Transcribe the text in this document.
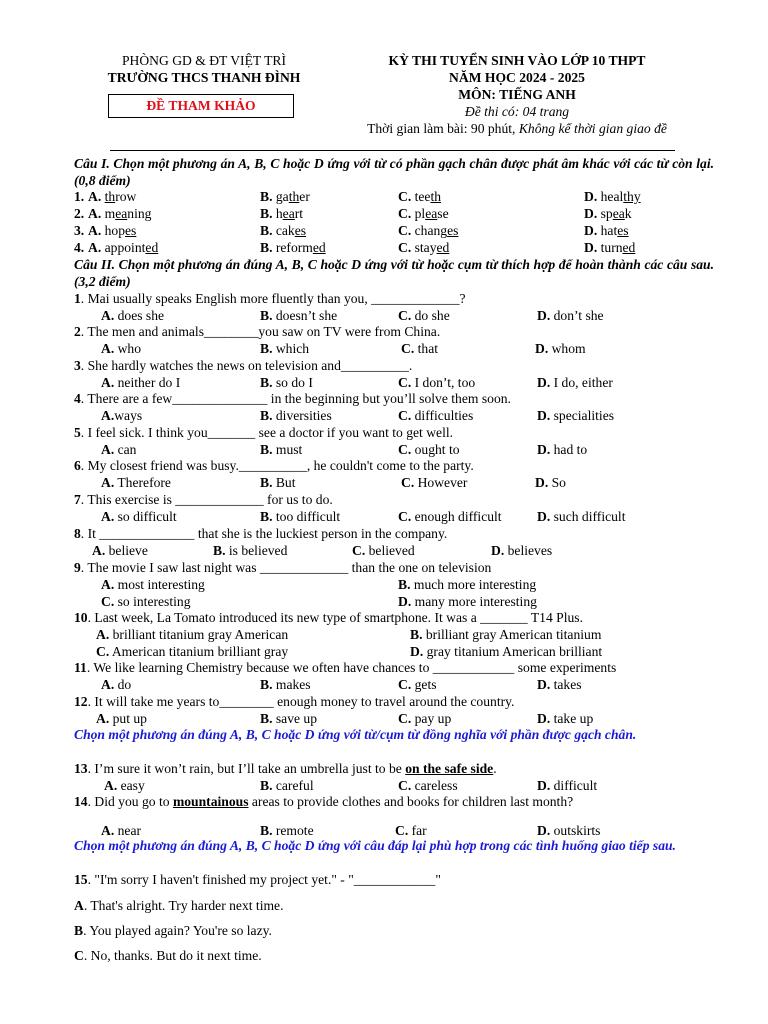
PHÒNG GD & ĐT VIỆT TRÌ
TRƯỜNG THCS THANH ĐÌNH
ĐỀ THAM KHẢO
KỲ THI TUYỂN SINH VÀO LỚP 10 THPT
NĂM HỌC 2024 - 2025
MÔN: TIẾNG ANH
Đề thi có: 04 trang
Thời gian làm bài: 90 phút, Không kể thời gian giao đề
Câu I. Chọn một phương án A, B, C hoặc D ứng với từ có phần gạch chân được phát âm khác với các từ còn lại. (0,8 điểm)
1. A. throw	B. gather	C. teeth	D. healthy
2. A. meaning	B. heart	C. please	D. speak
3. A. hopes	B. cakes	C. changes	D. hates
4. A. appointed	B. reformed	C. stayed	D. turned
Câu II. Chọn một phương án đúng A, B, C hoặc D ứng với từ hoặc cụm từ thích hợp để hoàn thành các câu sau. (3,2 điểm)
1. Mai usually speaks English more fluently than you, _____________?
A. does she	B. doesn’t she	C. do she	D. don’t she
2. The men and animals________you saw on TV were from China.
A. who	B. which	C. that	D. whom
3. She hardly watches the news on television and__________.
A. neither do I	B. so do I	C. I don’t, too	D. I do, either
4. There are a few______________ in the beginning but you’ll solve them soon.
A.ways	B. diversities	C. difficulties	D. specialities
5. I feel sick. I think you_______ see a doctor if you want to get well.
A. can	B. must	C. ought to	D. had to
6. My closest friend was busy.__________, he couldn't come to the party.
A. Therefore	B. But	C. However	D. So
7. This exercise is _____________ for us to do.
A. so difficult	B. too difficult	C. enough difficult	D. such difficult
8. It ______________ that she is the luckiest person in the company.
A. believe	B. is believed	C. believed	D. believes
9. The movie I saw last night was _____________ than the one on television
A. most interesting	B. much more interesting
C. so interesting	D. many more interesting
10. Last week, La Tomato introduced its new type of smartphone. It was a _______ T14 Plus.
A. brilliant titanium gray American	B. brilliant gray American titanium
C. American titanium brilliant gray	D. gray titanium American brilliant
11. We like learning Chemistry because we often have chances to ____________ some experiments
A. do	B. makes	C. gets	D. takes
12. It will take me years to________ enough money to travel around the country.
A. put up	B. save up	C. pay up	D. take up
Chọn một phương án đúng A, B, C hoặc D ứng với từ/cụm từ đồng nghĩa với phần được gạch chân.
13. I’m sure it won’t rain, but I’ll take an umbrella just to be on the safe side.
A. easy	B. careful	C. careless	D. difficult
14. Did you go to mountainous areas to provide clothes and books for children last month?
A. near	B. remote	C. far	D. outskirts
Chọn một phương án đúng A, B, C hoặc D ứng với câu đáp lại phù hợp trong các tình huống giao tiếp sau.
15. "I'm sorry I haven't finished my project yet." - "____________"
A. That's alright. Try harder next time.
B. You played again? You're so lazy.
C. No, thanks. But do it next time.
